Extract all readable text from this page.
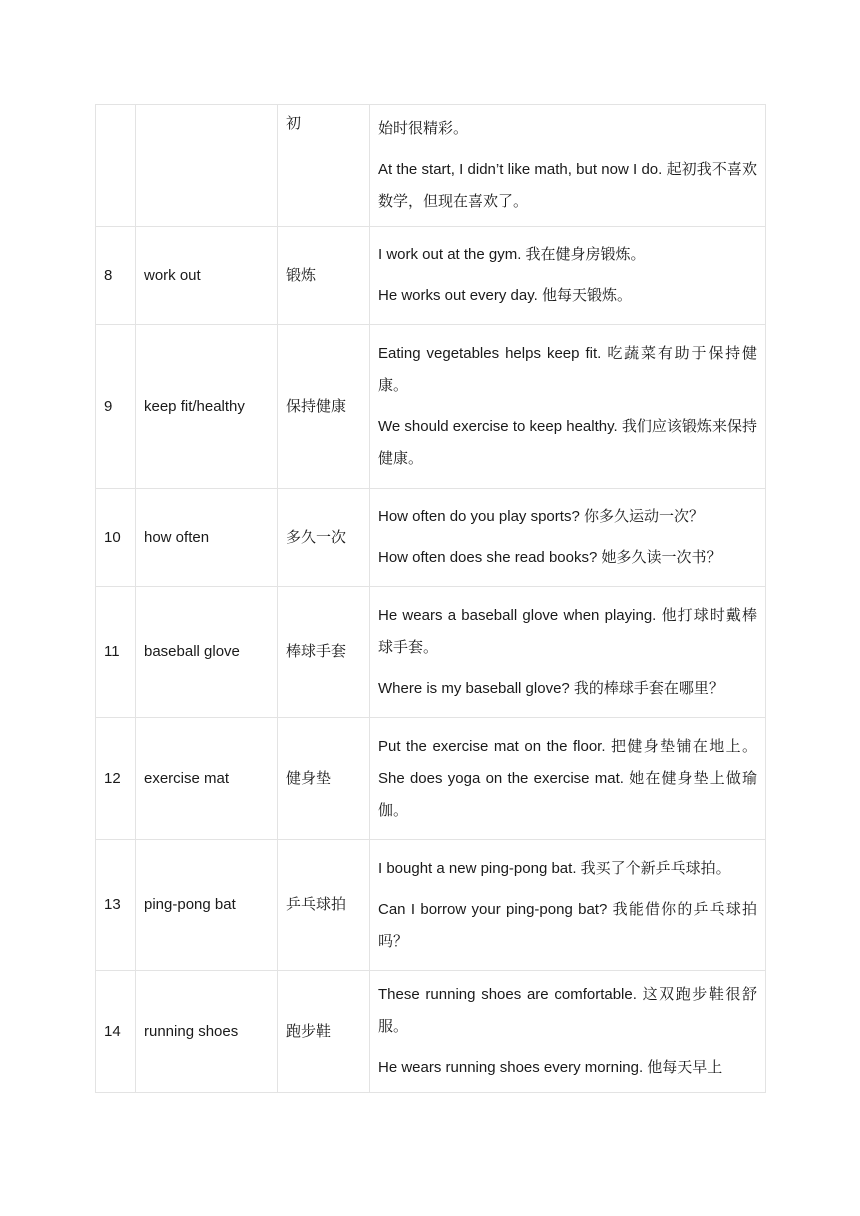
		初	始时很精彩。

At the start, I didn’t like math, but now I do. 起初我不喜欢数学，但现在喜欢了。

8	work out	锻炼	I work out at the gym. 我在健身房锻炼。

He works out every day. 他每天锻炼。

9	keep fit/healthy	保持健康	Eating vegetables helps keep fit. 吃蔬菜有助于保持健康。

We should exercise to keep healthy. 我们应该锻炼来保持健康。

10	how often	多久一次	How often do you play sports? 你多久运动一次？

How often does she read books? 她多久读一次书？

11	baseball glove	棒球手套	He wears a baseball glove when playing. 他打球时戴棒球手套。

Where is my baseball glove? 我的棒球手套在哪里？

12	exercise mat	健身垫	Put the exercise mat on the floor. 把健身垫铺在地上。She does yoga on the exercise mat. 她在健身垫上做瑜伽。

13	ping-pong bat	乒乓球拍	I bought a new ping-pong bat. 我买了个新乒乓球拍。

Can I borrow your ping-pong bat? 我能借你的乒乓球拍吗？

14	running shoes	跑步鞋	These running shoes are comfortable. 这双跑步鞋很舒服。

He wears running shoes every morning. 他每天早上
